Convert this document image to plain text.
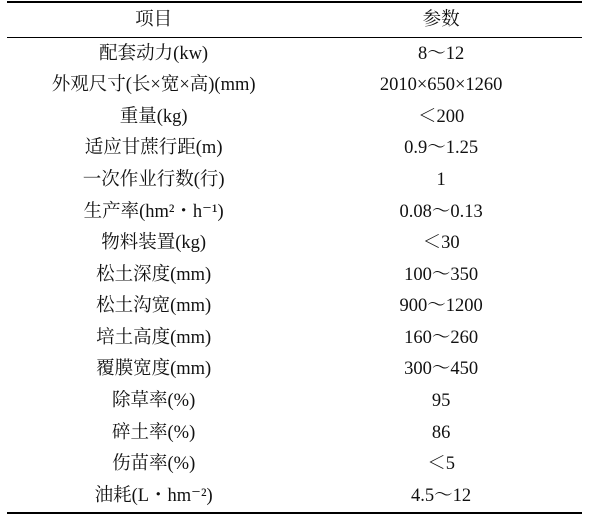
项目	参数
配套动力(kw)	8～12
外观尺寸(长×宽×高)(mm)	2010×650×1260
重量(kg)	＜200
适应甘蔗行距(m)	0.9～1.25
一次作业行数(行)	1
生产率(hm²・h⁻¹)	0.08～0.13
物料装置(kg)	＜30
松土深度(mm)	100～350
松土沟宽(mm)	900～1200
培土高度(mm)	160～260
覆膜宽度(mm)	300～450
除草率(%)	95
碎土率(%)	86
伤苗率(%)	＜5
油耗(L・hm⁻²)	4.5～12
